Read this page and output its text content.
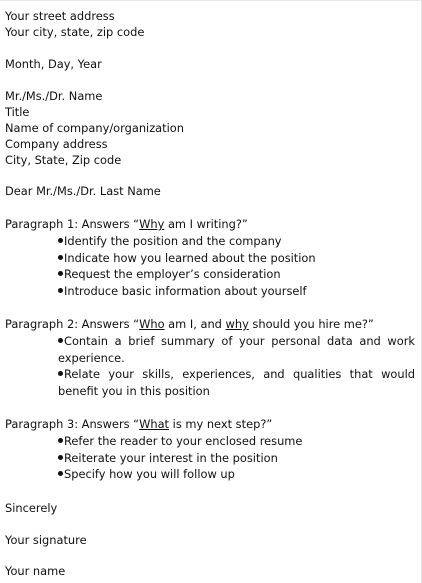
Your street address
Your city, state, zip code
Month, Day, Year
Mr./Ms./Dr. Name
Title
Name of company/organization
Company address
City, State, Zip code
Dear Mr./Ms./Dr. Last Name
Paragraph 1: Answers “Why am I writing?”
Identify the position and the company
Indicate how you learned about the position
Request the employer’s consideration
Introduce basic information about yourself
Paragraph 2: Answers “Who am I, and why should you hire me?”
Contain a brief summary of your personal data and work experience.
Relate your skills, experiences, and qualities that would benefit you in this position
Paragraph 3: Answers “What is my next step?”
Refer the reader to your enclosed resume
Reiterate your interest in the position
Specify how you will follow up
Sincerely
Your signature
Your name
